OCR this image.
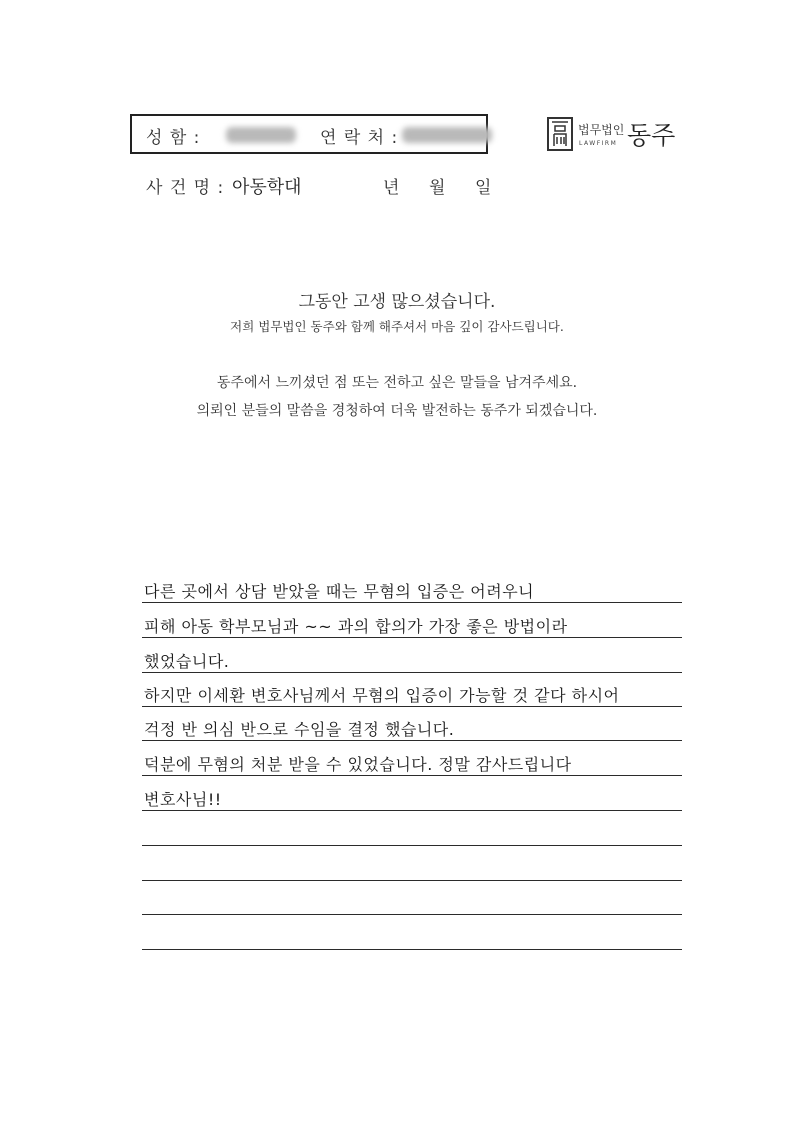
성 함 :	연 락 처 :	법무법인
LAWFIRM 동주
사 건 명 : 아동학대	년 월 일
그동안 고생 많으셨습니다.
저희 법무법인 동주와 함께 해주셔서 마음 깊이 감사드립니다.
동주에서 느끼셨던 점 또는 전하고 싶은 말들을 남겨주세요.
의뢰인 분들의 말씀을 경청하여 더욱 발전하는 동주가 되겠습니다.
다른 곳에서 상담 받았을 때는 무혐의 입증은 어려우니
피해 아동 학부모님과 ~~ 과의 합의가 가장 좋은 방법이라
했었습니다.
하지만 이세환 변호사님께서 무혐의 입증이 가능할 것 같다 하시어
걱정 반 의심 반으로 수임을 결정 했습니다.
덕분에 무혐의 처분 받을 수 있었습니다. 정말 감사드립니다
변호사님!!
